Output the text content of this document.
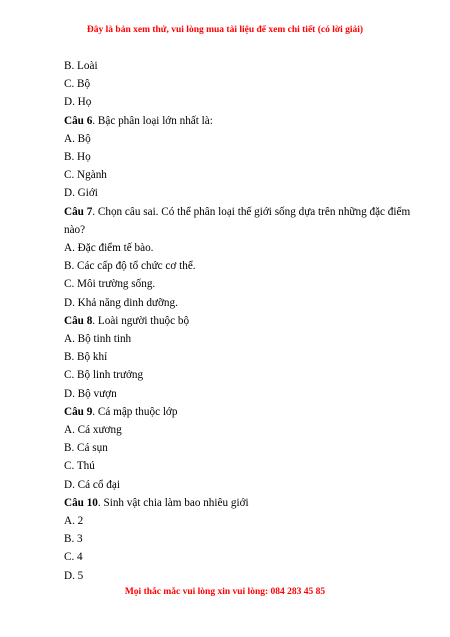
Đây là bản xem thử, vui lòng mua tài liệu để xem chi tiết (có lời giải)
B. Loài
C. Bộ
D. Họ
Câu 6. Bậc phân loại lớn nhất là:
A. Bộ
B. Họ
C. Ngành
D. Giới
Câu 7. Chọn câu sai. Có thể phân loại thế giới sống dựa trên những đặc điểm nào?
A. Đặc điểm tế bào.
B. Các cấp độ tổ chức cơ thể.
C. Môi trường sống.
D. Khả năng dinh dưỡng.
Câu 8. Loài người thuộc bộ
A. Bộ tinh tinh
B. Bộ khỉ
C. Bộ linh trưởng
D. Bộ vượn
Câu 9. Cá mập thuộc lớp
A. Cá xương
B. Cá sụn
C. Thú
D. Cá cổ đại
Câu 10. Sinh vật chia làm bao nhiêu giới
A. 2
B. 3
C. 4
D. 5
Mọi thắc mắc vui lòng xin vui lòng: 084 283 45 85
